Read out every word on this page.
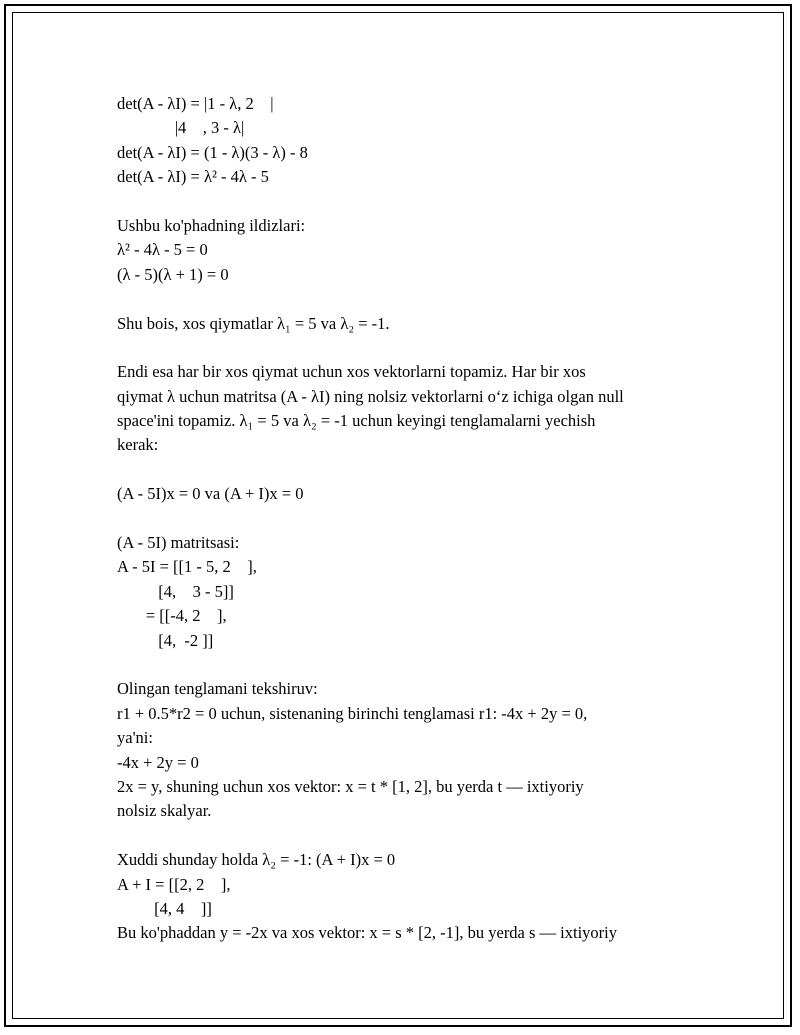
det(A - λI) = |1 - λ, 2    |
|4    , 3 - λ|
det(A - λI) = (1 - λ)(3 - λ) - 8
det(A - λI) = λ² - 4λ - 5
Ushbu ko'phadning ildizlari:
λ² - 4λ - 5 = 0
(λ - 5)(λ + 1) = 0
Shu bois, xos qiymatlar λ₁ = 5 va λ₂ = -1.
Endi esa har bir xos qiymat uchun xos vektorlarni topamiz. Har bir xos
qiymat λ uchun matritsa (A - λI) ning nolsiz vektorlarni o‘z ichiga olgan null
space'ini topamiz. λ₁ = 5 va λ₂ = -1 uchun keyingi tenglamalarni yechish
kerak:
(A - 5I)x = 0 va (A + I)x = 0
(A - 5I) matritsasi:
A - 5I = [[1 - 5, 2    ],
[4,    3 - 5]]
= [[-4, 2    ],
[4,  -2 ]]
Olingan tenglamani tekshiruv:
r1 + 0.5*r2 = 0 uchun, sistenaning birinchi tenglamasi r1: -4x + 2y = 0,
ya'ni:
-4x + 2y = 0
2x = y, shuning uchun xos vektor: x = t * [1, 2], bu yerda t — ixtiyoriy
nolsiz skalyar.
Xuddi shunday holda λ₂ = -1: (A + I)x = 0
A + I = [[2, 2    ],
[4, 4    ]]
Bu ko'phaddan y = -2x va xos vektor: x = s * [2, -1], bu yerda s — ixtiyoriy
